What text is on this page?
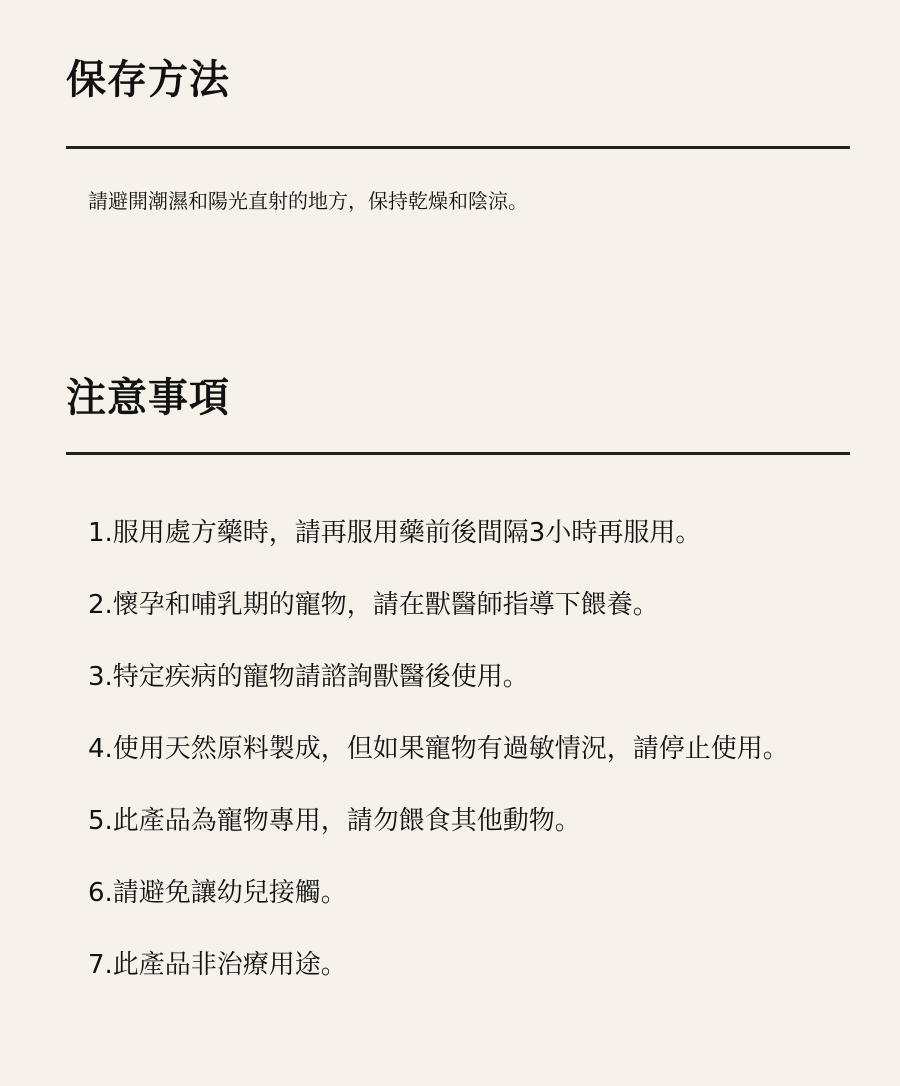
保存方法

請避開潮濕和陽光直射的地方，保持乾燥和陰涼。

注意事項
1.服用處方藥時，請再服用藥前後間隔3小時再服用。
2.懷孕和哺乳期的寵物，請在獸醫師指導下餵養。
3.特定疾病的寵物請諮詢獸醫後使用。
4.使用天然原料製成，但如果寵物有過敏情況，請停止使用。
5.此產品為寵物專用，請勿餵食其他動物。
6.請避免讓幼兒接觸。
7.此產品非治療用途。
